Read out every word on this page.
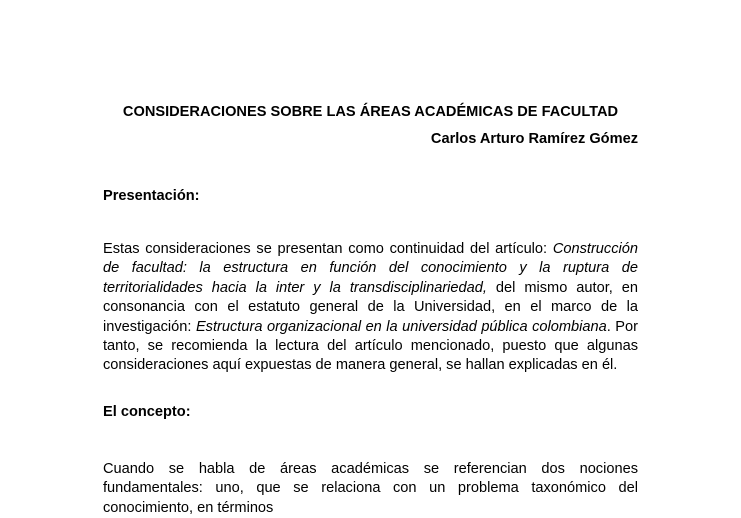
CONSIDERACIONES SOBRE LAS ÁREAS ACADÉMICAS DE FACULTAD
Carlos Arturo Ramírez Gómez
Presentación:

Estas consideraciones se presentan como continuidad del artículo: Construcción de facultad: la estructura en función del conocimiento y la ruptura de territorialidades hacia la inter y la transdisciplinariedad, del mismo autor, en consonancia con el estatuto general de la Universidad, en el marco de la investigación: Estructura organizacional en la universidad pública colombiana. Por tanto, se recomienda la lectura del artículo mencionado, puesto que algunas consideraciones aquí expuestas de manera general, se hallan explicadas en él.

El concepto:

Cuando se habla de áreas académicas se referencian dos nociones fundamentales: uno, que se relaciona con un problema taxonómico del conocimiento, en términos
